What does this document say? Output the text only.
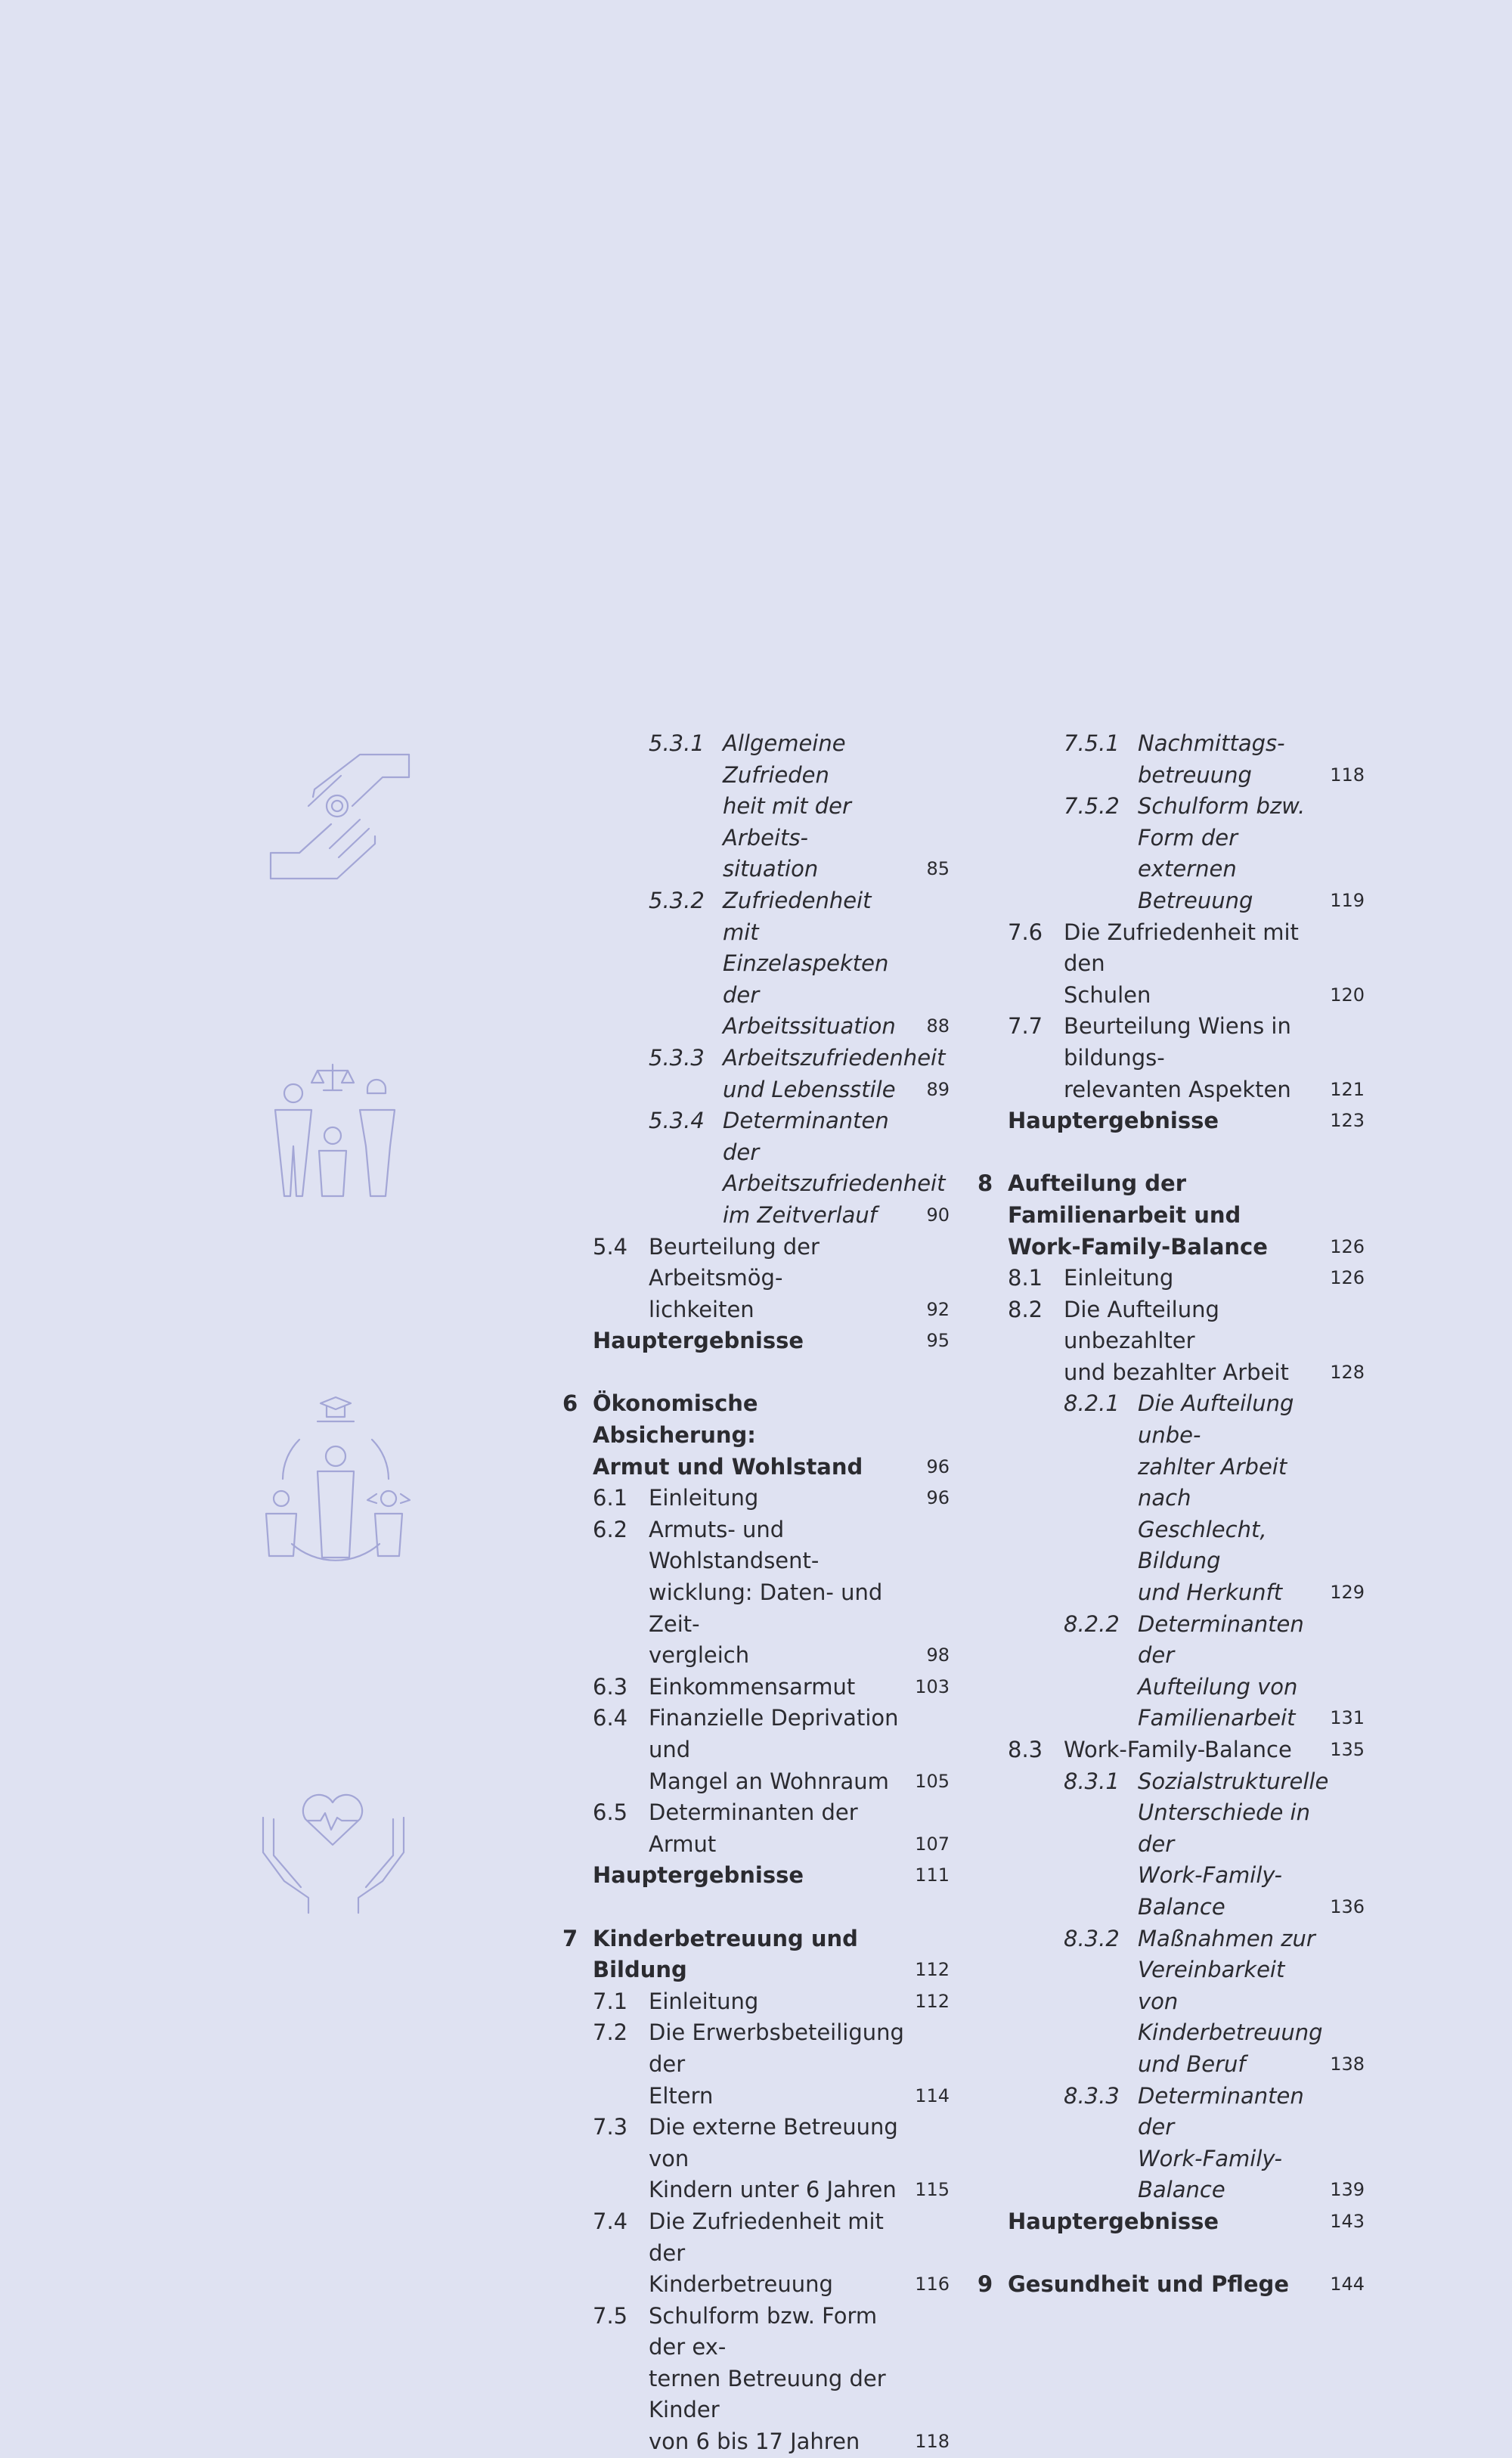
5.3.1 Allgemeine Zufrieden
heit mit der Arbeits-
situation	85
5.3.2 Zufriedenheit mit
Einzelaspekten der
Arbeitssituation	88
5.3.3 Arbeitszufriedenheit
und Lebensstile	89
5.3.4 Determinanten der
Arbeitszufriedenheit
im Zeitverlauf	90
5.4 Beurteilung der Arbeitsmög-
lichkeiten	92
Hauptergebnisse	95
6 Ökonomische Absicherung:
Armut und Wohlstand	96
6.1 Einleitung	96
6.2 Armuts- und Wohlstandsent-
wicklung: Daten- und Zeit-
vergleich	98
6.3 Einkommensarmut	103
6.4 Finanzielle Deprivation und
Mangel an Wohnraum	105
6.5 Determinanten der Armut	107
Hauptergebnisse	111
7 Kinderbetreuung und Bildung	112
7.1 Einleitung	112
7.2 Die Erwerbsbeteiligung der
Eltern	114
7.3 Die externe Betreuung von
Kindern unter 6 Jahren	115
7.4 Die Zufriedenheit mit der
Kinderbetreuung	116
7.5 Schulform bzw. Form der ex-
ternen Betreuung der Kinder
von 6 bis 17 Jahren	118
7.5.1 Nachmittags-
betreuung	118
7.5.2 Schulform bzw.
Form der externen
Betreuung	119
7.6 Die Zufriedenheit mit den
Schulen	120
7.7 Beurteilung Wiens in bildungs-
relevanten Aspekten	121
Hauptergebnisse	123
8 Aufteilung der Familienarbeit und
Work-Family-Balance	126
8.1 Einleitung	126
8.2 Die Aufteilung unbezahlter
und bezahlter Arbeit	128
8.2.1 Die Aufteilung unbe-
zahlter Arbeit nach
Geschlecht, Bildung
und Herkunft	129
8.2.2 Determinanten der
Aufteilung von
Familienarbeit	131
8.3 Work-Family-Balance	135
8.3.1 Sozialstrukturelle
Unterschiede in der
Work-Family-
Balance	136
8.3.2 Maßnahmen zur
Vereinbarkeit von
Kinderbetreuung
und Beruf	138
8.3.3 Determinanten der
Work-Family-
Balance	139
Hauptergebnisse	143
9 Gesundheit und Pflege	144
